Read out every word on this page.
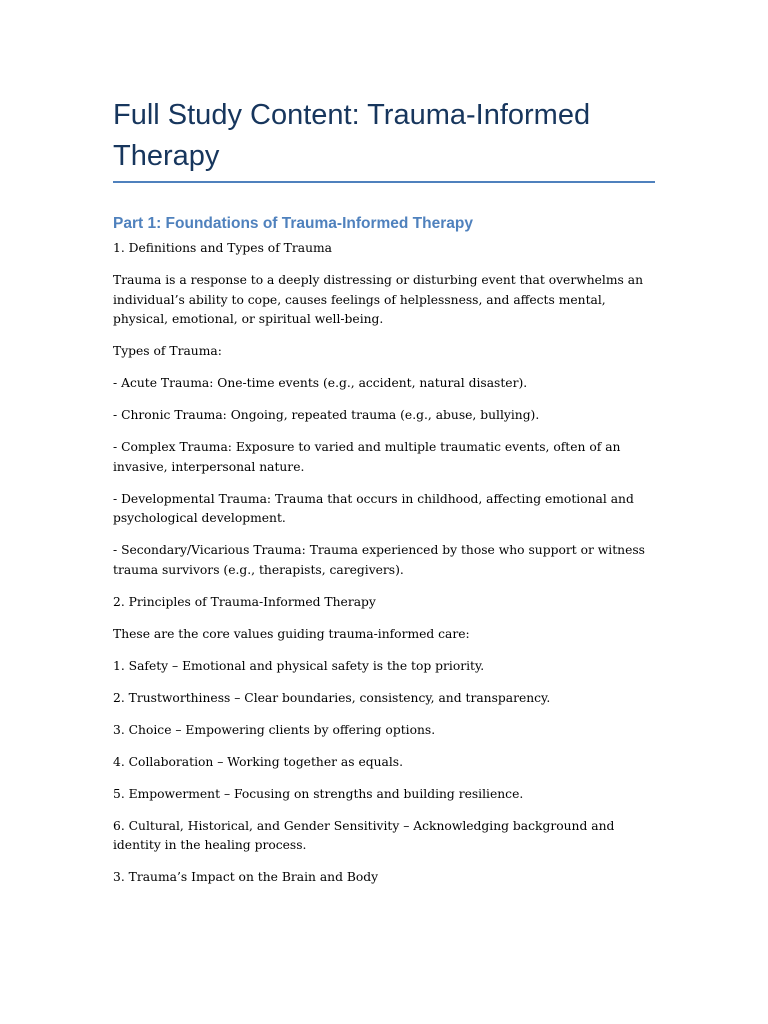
Full Study Content: Trauma-Informed Therapy
Part 1: Foundations of Trauma-Informed Therapy

1. Definitions and Types of Trauma

Trauma is a response to a deeply distressing or disturbing event that overwhelms an individual’s ability to cope, causes feelings of helplessness, and affects mental, physical, emotional, or spiritual well-being.

Types of Trauma:

- Acute Trauma: One-time events (e.g., accident, natural disaster).

- Chronic Trauma: Ongoing, repeated trauma (e.g., abuse, bullying).

- Complex Trauma: Exposure to varied and multiple traumatic events, often of an invasive, interpersonal nature.

- Developmental Trauma: Trauma that occurs in childhood, affecting emotional and psychological development.

- Secondary/Vicarious Trauma: Trauma experienced by those who support or witness trauma survivors (e.g., therapists, caregivers).

2. Principles of Trauma-Informed Therapy

These are the core values guiding trauma-informed care:

1. Safety – Emotional and physical safety is the top priority.

2. Trustworthiness – Clear boundaries, consistency, and transparency.

3. Choice – Empowering clients by offering options.

4. Collaboration – Working together as equals.

5. Empowerment – Focusing on strengths and building resilience.

6. Cultural, Historical, and Gender Sensitivity – Acknowledging background and identity in the healing process.

3. Trauma’s Impact on the Brain and Body
